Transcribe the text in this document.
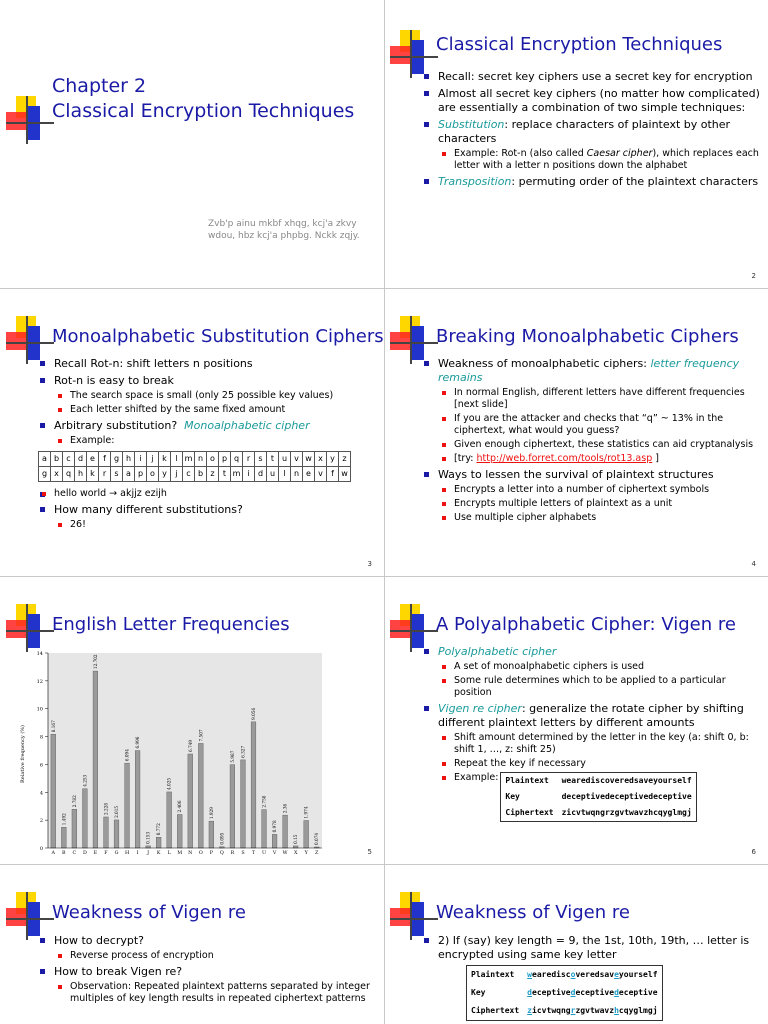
Chapter 2
Classical Encryption Techniques
Zvb'p ainu mkbf xhqg, kcj'a zkvy wdou, hbz kcj'a phpbg. Nckk zqjy.
Classical Encryption Techniques
Recall: secret key ciphers use a secret key for encryption
Almost all secret key ciphers (no matter how complicated) are essentially a combination of two simple techniques:
Substitution: replace characters of plaintext by other characters
Example: Rot-n (also called Caesar cipher), which replaces each letter with a letter n positions down the alphabet
Transposition: permuting order of the plaintext characters
2
Monoalphabetic Substitution Ciphers
Recall Rot-n: shift letters n positions
Rot-n is easy to break
The search space is small (only 25 possible key values)
Each letter shifted by the same fixed amount
Arbitrary substitution? Monoalphabetic cipher
Example:
a	b	c	d	e	f	g	h	i	j	k	l	m	n	o	p	q	r	s	t	u	v	w	x	y	z
g	x	q	h	k	r	s	a	p	o	y	j	c	b	z	t	m	i	d	u	l	n	e	v	f	w
hello world → akjjz ezijh
How many different substitutions?
26!
3
Breaking Monoalphabetic Ciphers
Weakness of monoalphabetic ciphers: letter frequency remains
In normal English, different letters have different frequencies [next slide]
If you are the attacker and checks that “q” ~ 13% in the ciphertext, what would you guess?
Given enough ciphertext, these statistics can aid cryptanalysis
[try: http://web.forret.com/tools/rot13.asp ]
Ways to lessen the survival of plaintext structures
Encrypts a letter into a number of ciphertext symbols
Encrypts multiple letters of plaintext as a unit
Use multiple cipher alphabets
4
English Letter Frequencies
0
2
4
6
8
10
12
14
8.167
1.492
2.782
4.253
12.702
2.228 2.015
6.094
6.996
0.153
0.772
4.025
2.406
6.749
7.507
1.929
0.095
5.987 6.327
9.056
2.758
0.978
2.36
0.15
1.974
0.074
A B C D E F G H I J K L M N O P Q R S T U V W X Y Z
Relative frequency (%)
5
A Polyalphabetic Cipher: Vigen re
Polyalphabetic cipher
A set of monoalphabetic ciphers is used
Some rule determines which to be applied to a particular position
Vigen re cipher: generalize the rotate cipher by shifting different plaintext letters by different amounts
Shift amount determined by the letter in the key (a: shift 0, b: shift 1, …, z: shift 25)
Repeat the key if necessary
Example: Plaintext	wearediscoveredsaveyourself
Key	deceptivedeceptivedeceptive
Ciphertext	zicvtwqngrzgvtwavzhcqyglmgj
6
Weakness of Vigen re
How to decrypt?
Reverse process of encryption
How to break Vigen re?
Observation: Repeated plaintext patterns separated by integer multiples of key length results in repeated ciphertext patterns
Weakness of Vigen re
2) If (say) key length = 9, the 1st, 10th, 19th, … letter is encrypted using same key letter
Plaintext	wearediscoveredsaveyourself
Key	deceptivedeceptivedeceptive
Ciphertext	zicvtwqngrzgvtwavzhcqyglmgj
